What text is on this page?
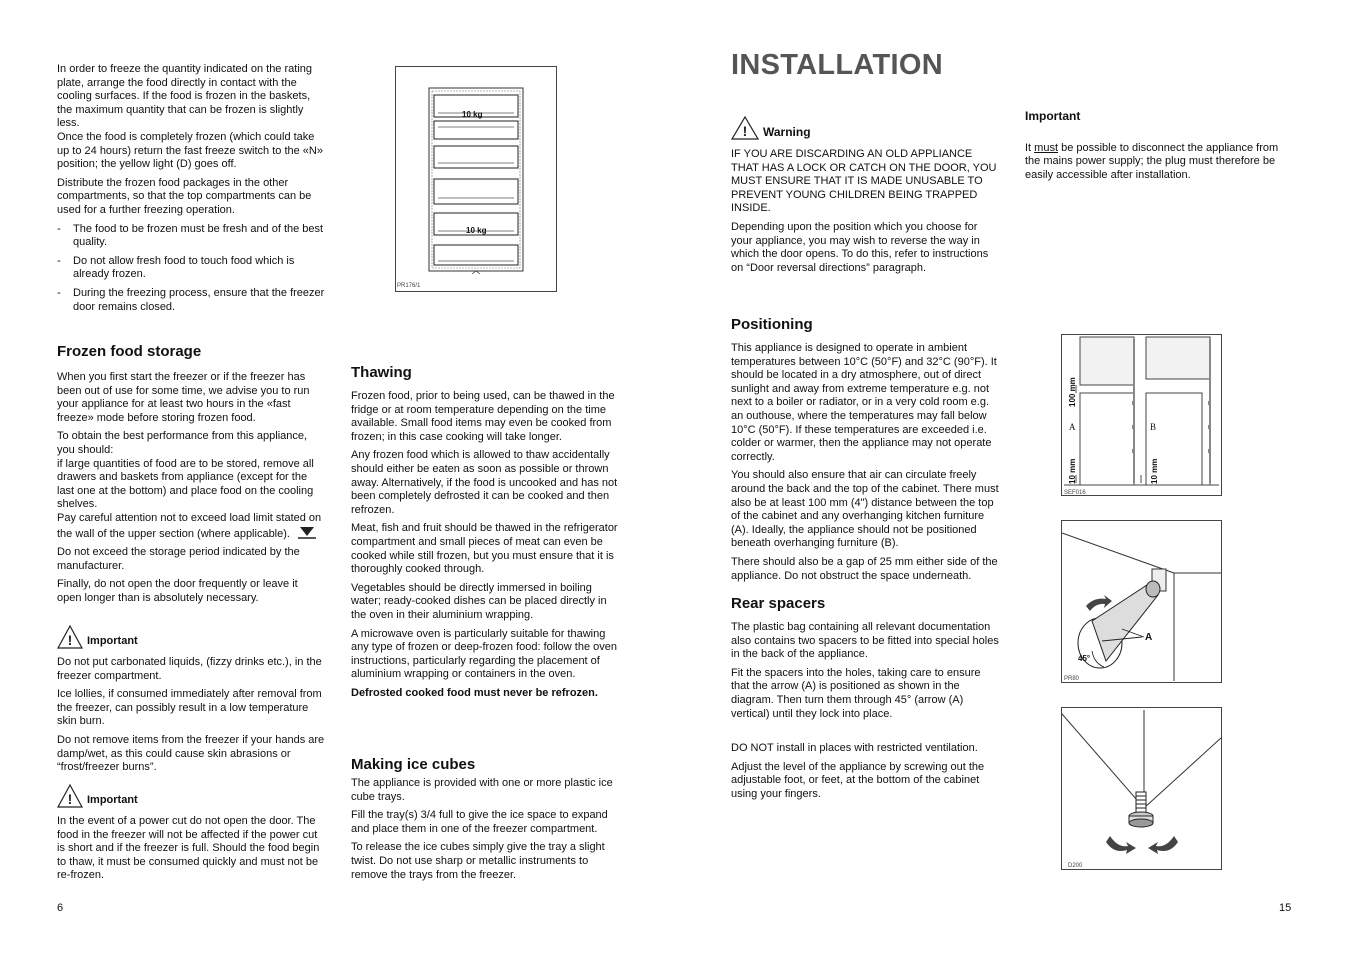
In order to freeze the quantity indicated on the rating plate, arrange the food directly in contact with the cooling surfaces. If the food is frozen in the baskets, the maximum quantity that can be frozen is slightly less.

Once the food is completely frozen (which could take up to 24 hours) return the fast freeze switch to the «N» position; the yellow light (D) goes off.

Distribute the frozen food packages in the other compartments, so that the top compartments can be used for a further freezing operation.

-	The food to be frozen must be fresh and of the best quality.
-	Do not allow fresh food to touch food which is already frozen.
-	During the freezing process, ensure that the freezer door remains closed.
10 kg
10 kg
PR176/1
Frozen food storage

When you first start the freezer or if the freezer has been out of use for some time, we advise you to run your appliance for at least two hours in the «fast freeze» mode before storing frozen food.

To obtain the best performance from this appliance, you should:
if large quantities of food are to be stored, remove all drawers and baskets from appliance (except for the last one at the bottom) and place food on the cooling shelves.

Pay careful attention not to exceed load limit stated on the wall of the upper section (where applicable).

Do not exceed the storage period indicated by the manufacturer.

Finally, do not open the door frequently or leave it open longer than is absolutely necessary.

! Important

Do not put carbonated liquids, (fizzy drinks etc.), in the freezer compartment.

Ice lollies, if consumed immediately after removal from the freezer, can possibly result in a low temperature skin burn.

Do not remove items from the freezer if your hands are damp/wet, as this could cause skin abrasions or “frost/freezer burns”.

! Important

In the event of a power cut do not open the door. The food in the freezer will not be affected if the power cut is short and if the freezer is full. Should the food begin to thaw, it must be consumed quickly and must not be re-frozen.

Thawing

Frozen food, prior to being used, can be thawed in the fridge or at room temperature depending on the time available. Small food items may even be cooked from frozen; in this case cooking will take longer.

Any frozen food which is allowed to thaw accidentally should either be eaten as soon as possible or thrown away. Alternatively, if the food is uncooked and has not been completely defrosted it can be cooked and then refrozen.

Meat, fish and fruit should be thawed in the refrigerator compartment and small pieces of meat can even be cooked while still frozen, but you must ensure that it is thoroughly cooked through.

Vegetables should be directly immersed in boiling water; ready-cooked dishes can be placed directly in the oven in their aluminium wrapping.

A microwave oven is particularly suitable for thawing any type of frozen or deep-frozen food: follow the oven instructions, particularly regarding the placement of aluminium wrapping or containers in the oven.

Defrosted cooked food must never be refrozen.

Making ice cubes

The appliance is provided with one or more plastic ice cube trays.

Fill the tray(s) 3/4 full to give the ice space to expand and place them in one of the freezer compartment.

To release the ice cubes simply give the tray a slight twist. Do not use sharp or metallic instruments to remove the trays from the freezer.

6
INSTALLATION
! Warning

IF YOU ARE DISCARDING AN OLD APPLIANCE THAT HAS A LOCK OR CATCH ON THE DOOR, YOU MUST ENSURE THAT IT IS MADE UNUSABLE TO PREVENT YOUNG CHILDREN BEING TRAPPED INSIDE.

Depending upon the position which you choose for your appliance, you may wish to reverse the way in which the door opens. To do this, refer to instructions on “Door reversal directions” paragraph.

Important

It must be possible to disconnect the appliance from the mains power supply; the plug must therefore be easily accessible after installation.

Positioning

This appliance is designed to operate in ambient temperatures between 10°C (50°F) and 32°C (90°F). It should be located in a dry atmosphere, out of direct sunlight and away from extreme temperature e.g. not next to a boiler or radiator, or in a very cold room e.g. an outhouse, where the temperatures may fall below 10°C (50°F). If these temperatures are exceeded i.e. colder or warmer, then the appliance may not operate correctly.

You should also ensure that air can circulate freely around the back and the top of the cabinet. There must also be at least 100 mm (4") distance between the top of the cabinet and any overhanging kitchen furniture (A). Ideally, the appliance should not be positioned beneath overhanging furniture (B).

There should also be a gap of 25 mm either side of the appliance. Do not obstruct the space underneath.

Rear spacers

The plastic bag containing all relevant documentation also contains two spacers to be fitted into special holes in the back of the appliance.

Fit the spacers into the holes, taking care to ensure that the arrow (A) is positioned as shown in the diagram. Then turn them through 45° (arrow (A) vertical) until they lock into place.

DO NOT install in places with restricted ventilation.

Adjust the level of the appliance by screwing out the adjustable foot, or feet, at the bottom of the cabinet using your fingers.

100 mm
10 mm	10 mm
A	B
SEF016
A
45°
PR80
D200
15
